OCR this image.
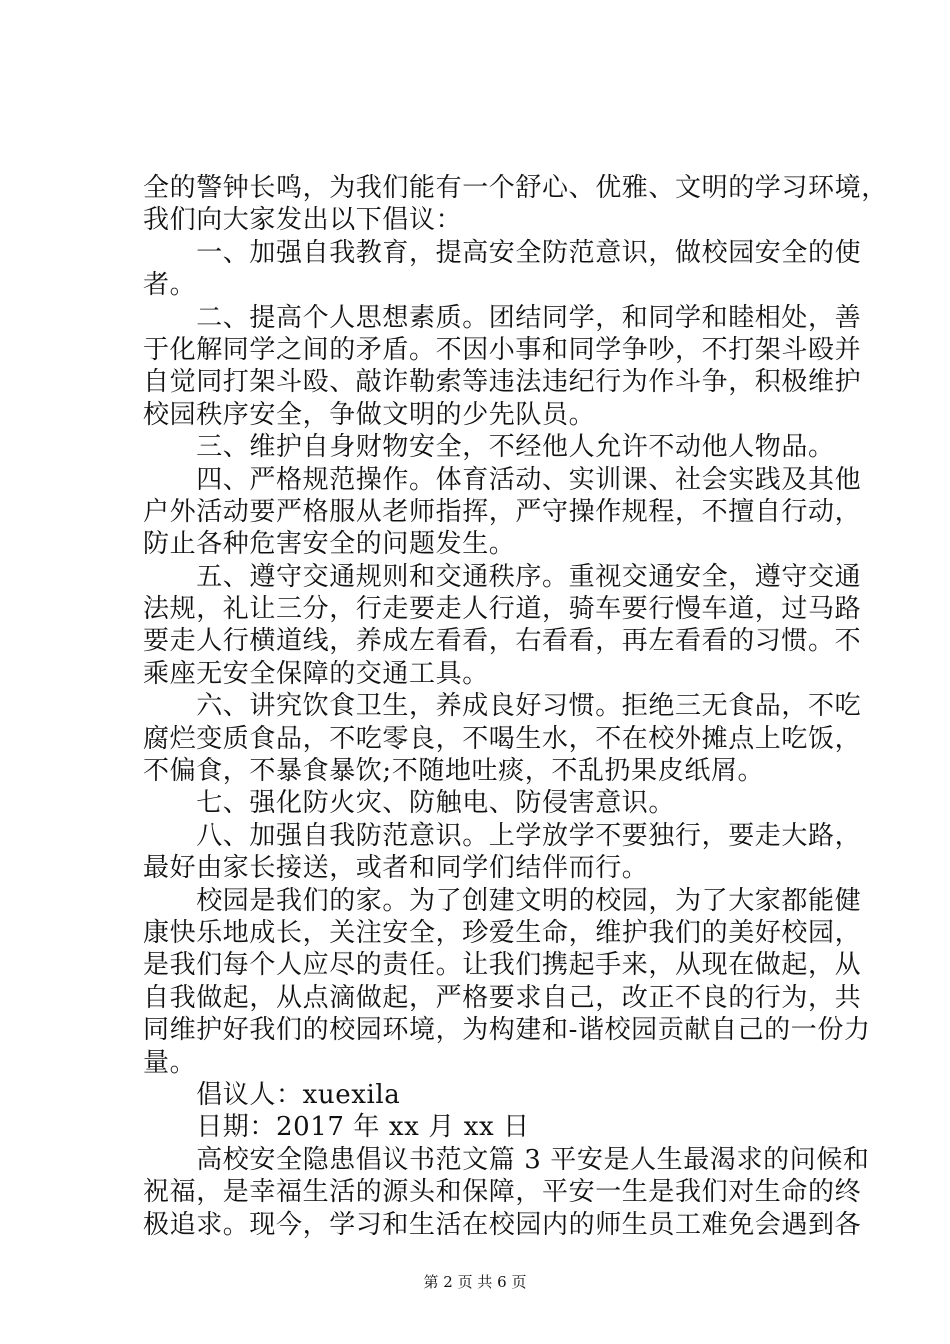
全的警钟长鸣，为我们能有一个舒心、优雅、文明的学习环境，
我们向大家发出以下倡议：
　　一、加强自我教育，提高安全防范意识，做校园安全的使
者。
　　二、提高个人思想素质。团结同学，和同学和睦相处，善
于化解同学之间的矛盾。不因小事和同学争吵，不打架斗殴并
自觉同打架斗殴、敲诈勒索等违法违纪行为作斗争，积极维护
校园秩序安全，争做文明的少先队员。
　　三、维护自身财物安全，不经他人允许不动他人物品。
　　四、严格规范操作。体育活动、实训课、社会实践及其他
户外活动要严格服从老师指挥，严守操作规程，不擅自行动，
防止各种危害安全的问题发生。
　　五、遵守交通规则和交通秩序。重视交通安全，遵守交通
法规，礼让三分，行走要走人行道，骑车要行慢车道，过马路
要走人行横道线，养成左看看，右看看，再左看看的习惯。不
乘座无安全保障的交通工具。
　　六、讲究饮食卫生，养成良好习惯。拒绝三无食品，不吃
腐烂变质食品，不吃零良，不喝生水，不在校外摊点上吃饭，
不偏食，不暴食暴饮;不随地吐痰，不乱扔果皮纸屑。
　　七、强化防火灾、防触电、防侵害意识。
　　八、加强自我防范意识。上学放学不要独行，要走大路，
最好由家长接送，或者和同学们结伴而行。
　　校园是我们的家。为了创建文明的校园，为了大家都能健
康快乐地成长，关注安全，珍爱生命，维护我们的美好校园，
是我们每个人应尽的责任。让我们携起手来，从现在做起，从
自我做起，从点滴做起，严格要求自己，改正不良的行为，共
同维护好我们的校园环境，为构建和-谐校园贡献自己的一份力
量。
　　倡议人：xuexila
　　日期：2017 年 xx 月 xx 日
　　高校安全隐患倡议书范文篇 3 平安是人生最渴求的问候和
祝福，是幸福生活的源头和保障，平安一生是我们对生命的终
极追求。现今，学习和生活在校园内的师生员工难免会遇到各
第 2 页 共 6 页
